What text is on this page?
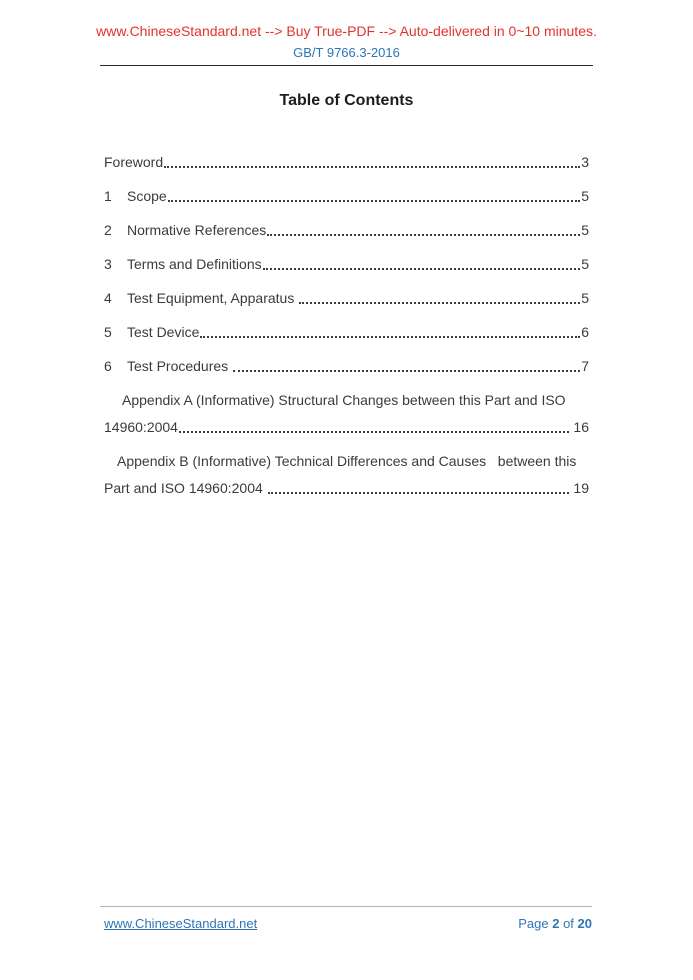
www.ChineseStandard.net --> Buy True-PDF --> Auto-delivered in 0~10 minutes.
GB/T 9766.3-2016
Table of Contents
Foreword	3
1	Scope	5
2	Normative References	5
3	Terms and Definitions	5
4	Test Equipment, Apparatus	5
5	Test Device	6
6	Test Procedures	7
Appendix A (Informative) Structural Changes between this Part and ISO
14960:2004	16
Appendix B (Informative) Technical Differences and Causes   between this
Part and ISO 14960:2004	19
www.ChineseStandard.net	Page 2 of 20
